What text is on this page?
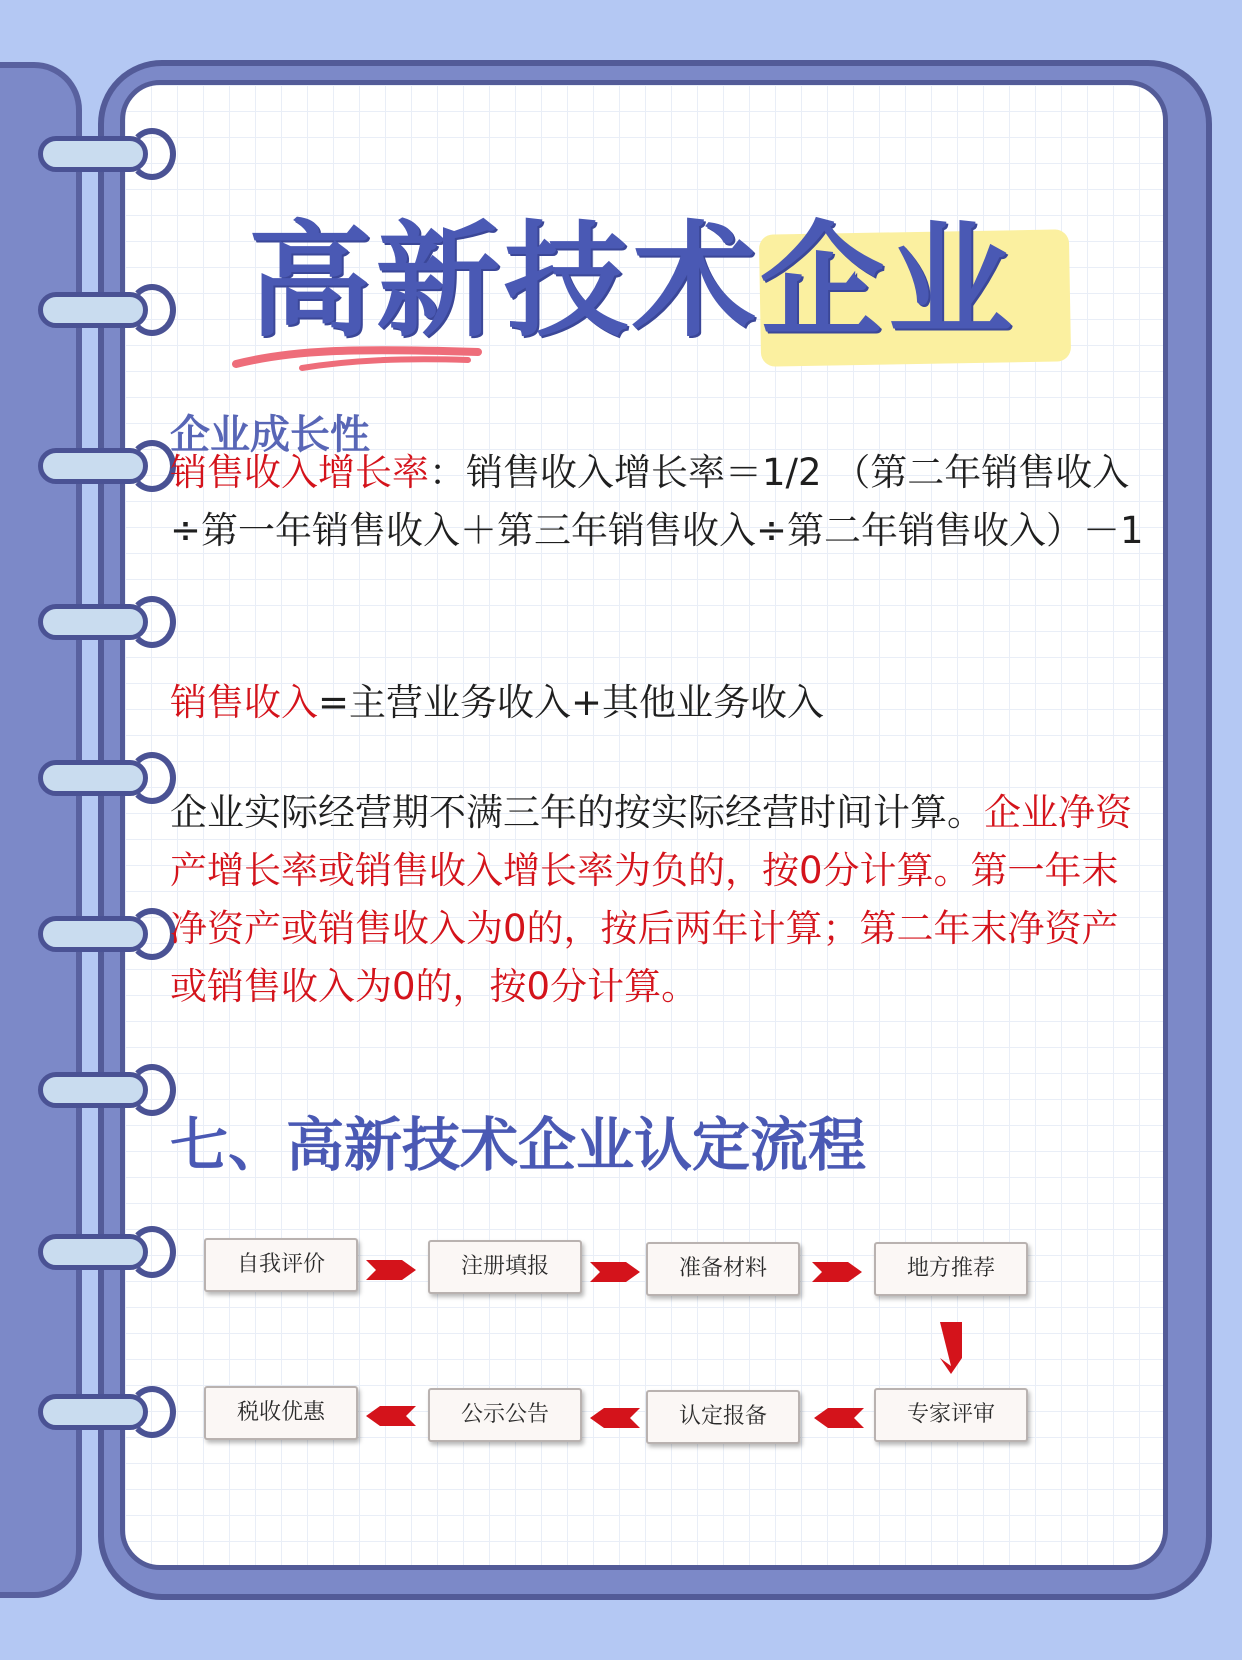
高新技术企业
企业成长性

销售收入增长率：销售收入增长率＝1/2 （第二年销售收入÷第一年销售收入＋第三年销售收入÷第二年销售收入）－1

销售收入=主营业务收入+其他业务收入

企业实际经营期不满三年的按实际经营时间计算。企业净资产增长率或销售收入增长率为负的，按0分计算。第一年末净资产或销售收入为0的，按后两年计算；第二年末净资产或销售收入为0的，按0分计算。

七、高新技术企业认定流程
自我评价	注册填报	准备材料	地方推荐
税收优惠	公示公告	认定报备	专家评审
